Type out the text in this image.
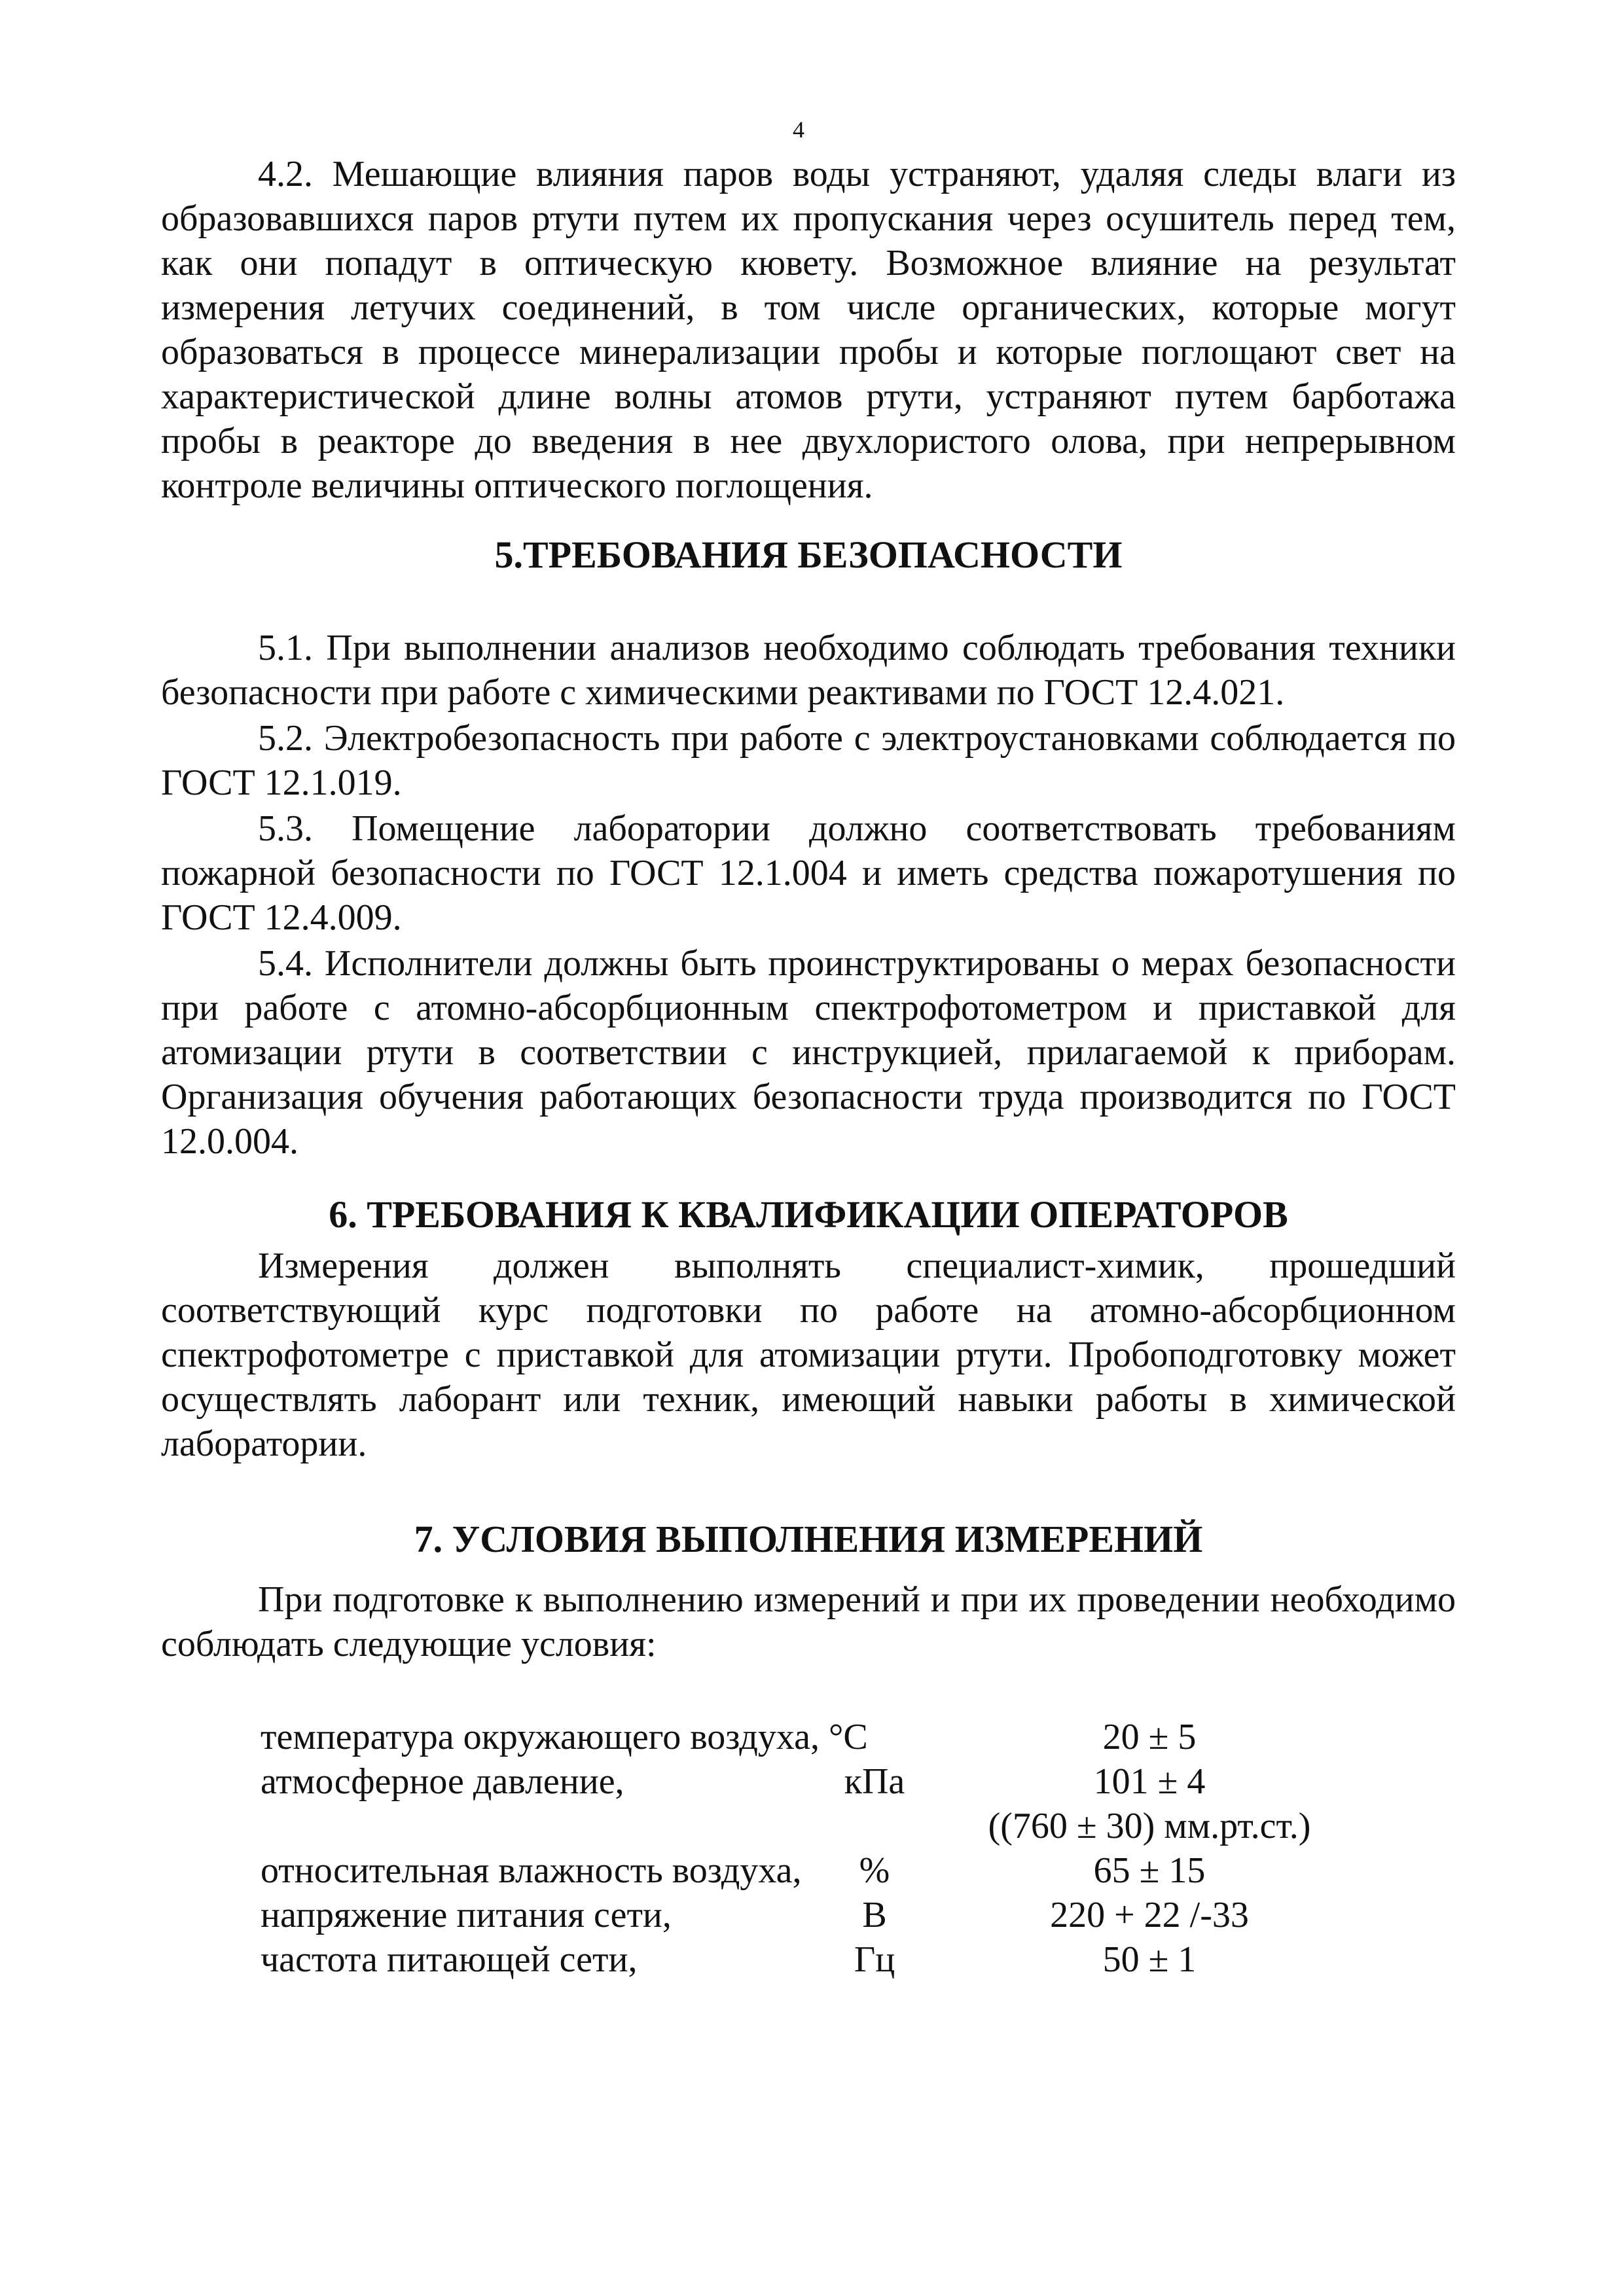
4

4.2. Мешающие влияния паров воды устраняют, удаляя следы влаги из образовавшихся паров ртути путем их пропускания через осушитель перед тем, как они попадут в оптическую кювету. Возможное влияние на результат измерения летучих соединений, в том числе органических, которые могут образоваться в процессе минерализации пробы и которые поглощают свет на характеристической длине волны атомов ртути, устраняют путем барботажа пробы в реакторе до введения в нее двухлористого олова, при непрерывном контроле величины оптического поглощения.

5.ТРЕБОВАНИЯ БЕЗОПАСНОСТИ

5.1. При выполнении анализов необходимо соблюдать требования техники безопасности при работе с химическими реактивами по ГОСТ 12.4.021.

5.2. Электробезопасность при работе с электроустановками соблюдается по ГОСТ 12.1.019.

5.3. Помещение лаборатории должно соответствовать требованиям пожарной безопасности по ГОСТ 12.1.004 и иметь средства пожаротушения по ГОСТ 12.4.009.

5.4. Исполнители должны быть проинструктированы о мерах безопасности при работе с атомно-абсорбционным спектрофотометром и приставкой для атомизации ртути в соответствии с инструкцией, прилагаемой к приборам. Организация обучения работающих безопасности труда производится по ГОСТ 12.0.004.

6. ТРЕБОВАНИЯ К КВАЛИФИКАЦИИ ОПЕРАТОРОВ

Измерения должен выполнять специалист-химик, прошедший соответствующий курс подготовки по работе на атомно-абсорбционном спектрофотометре с приставкой для атомизации ртути. Пробоподготовку может осуществлять лаборант или техник, имеющий навыки работы в химической лаборатории.

7. УСЛОВИЯ ВЫПОЛНЕНИЯ ИЗМЕРЕНИЙ

При подготовке к выполнению измерений и при их проведении необходимо соблюдать следующие условия:

температура окружающего воздуха, °С	20 ± 5
атмосферное давление,	кПа	101 ± 4
((760 ± 30) мм.рт.ст.)
относительная влажность воздуха,	%	65 ± 15
напряжение питания сети,	В	220 + 22 /-33
частота питающей сети,	Гц	50 ± 1
